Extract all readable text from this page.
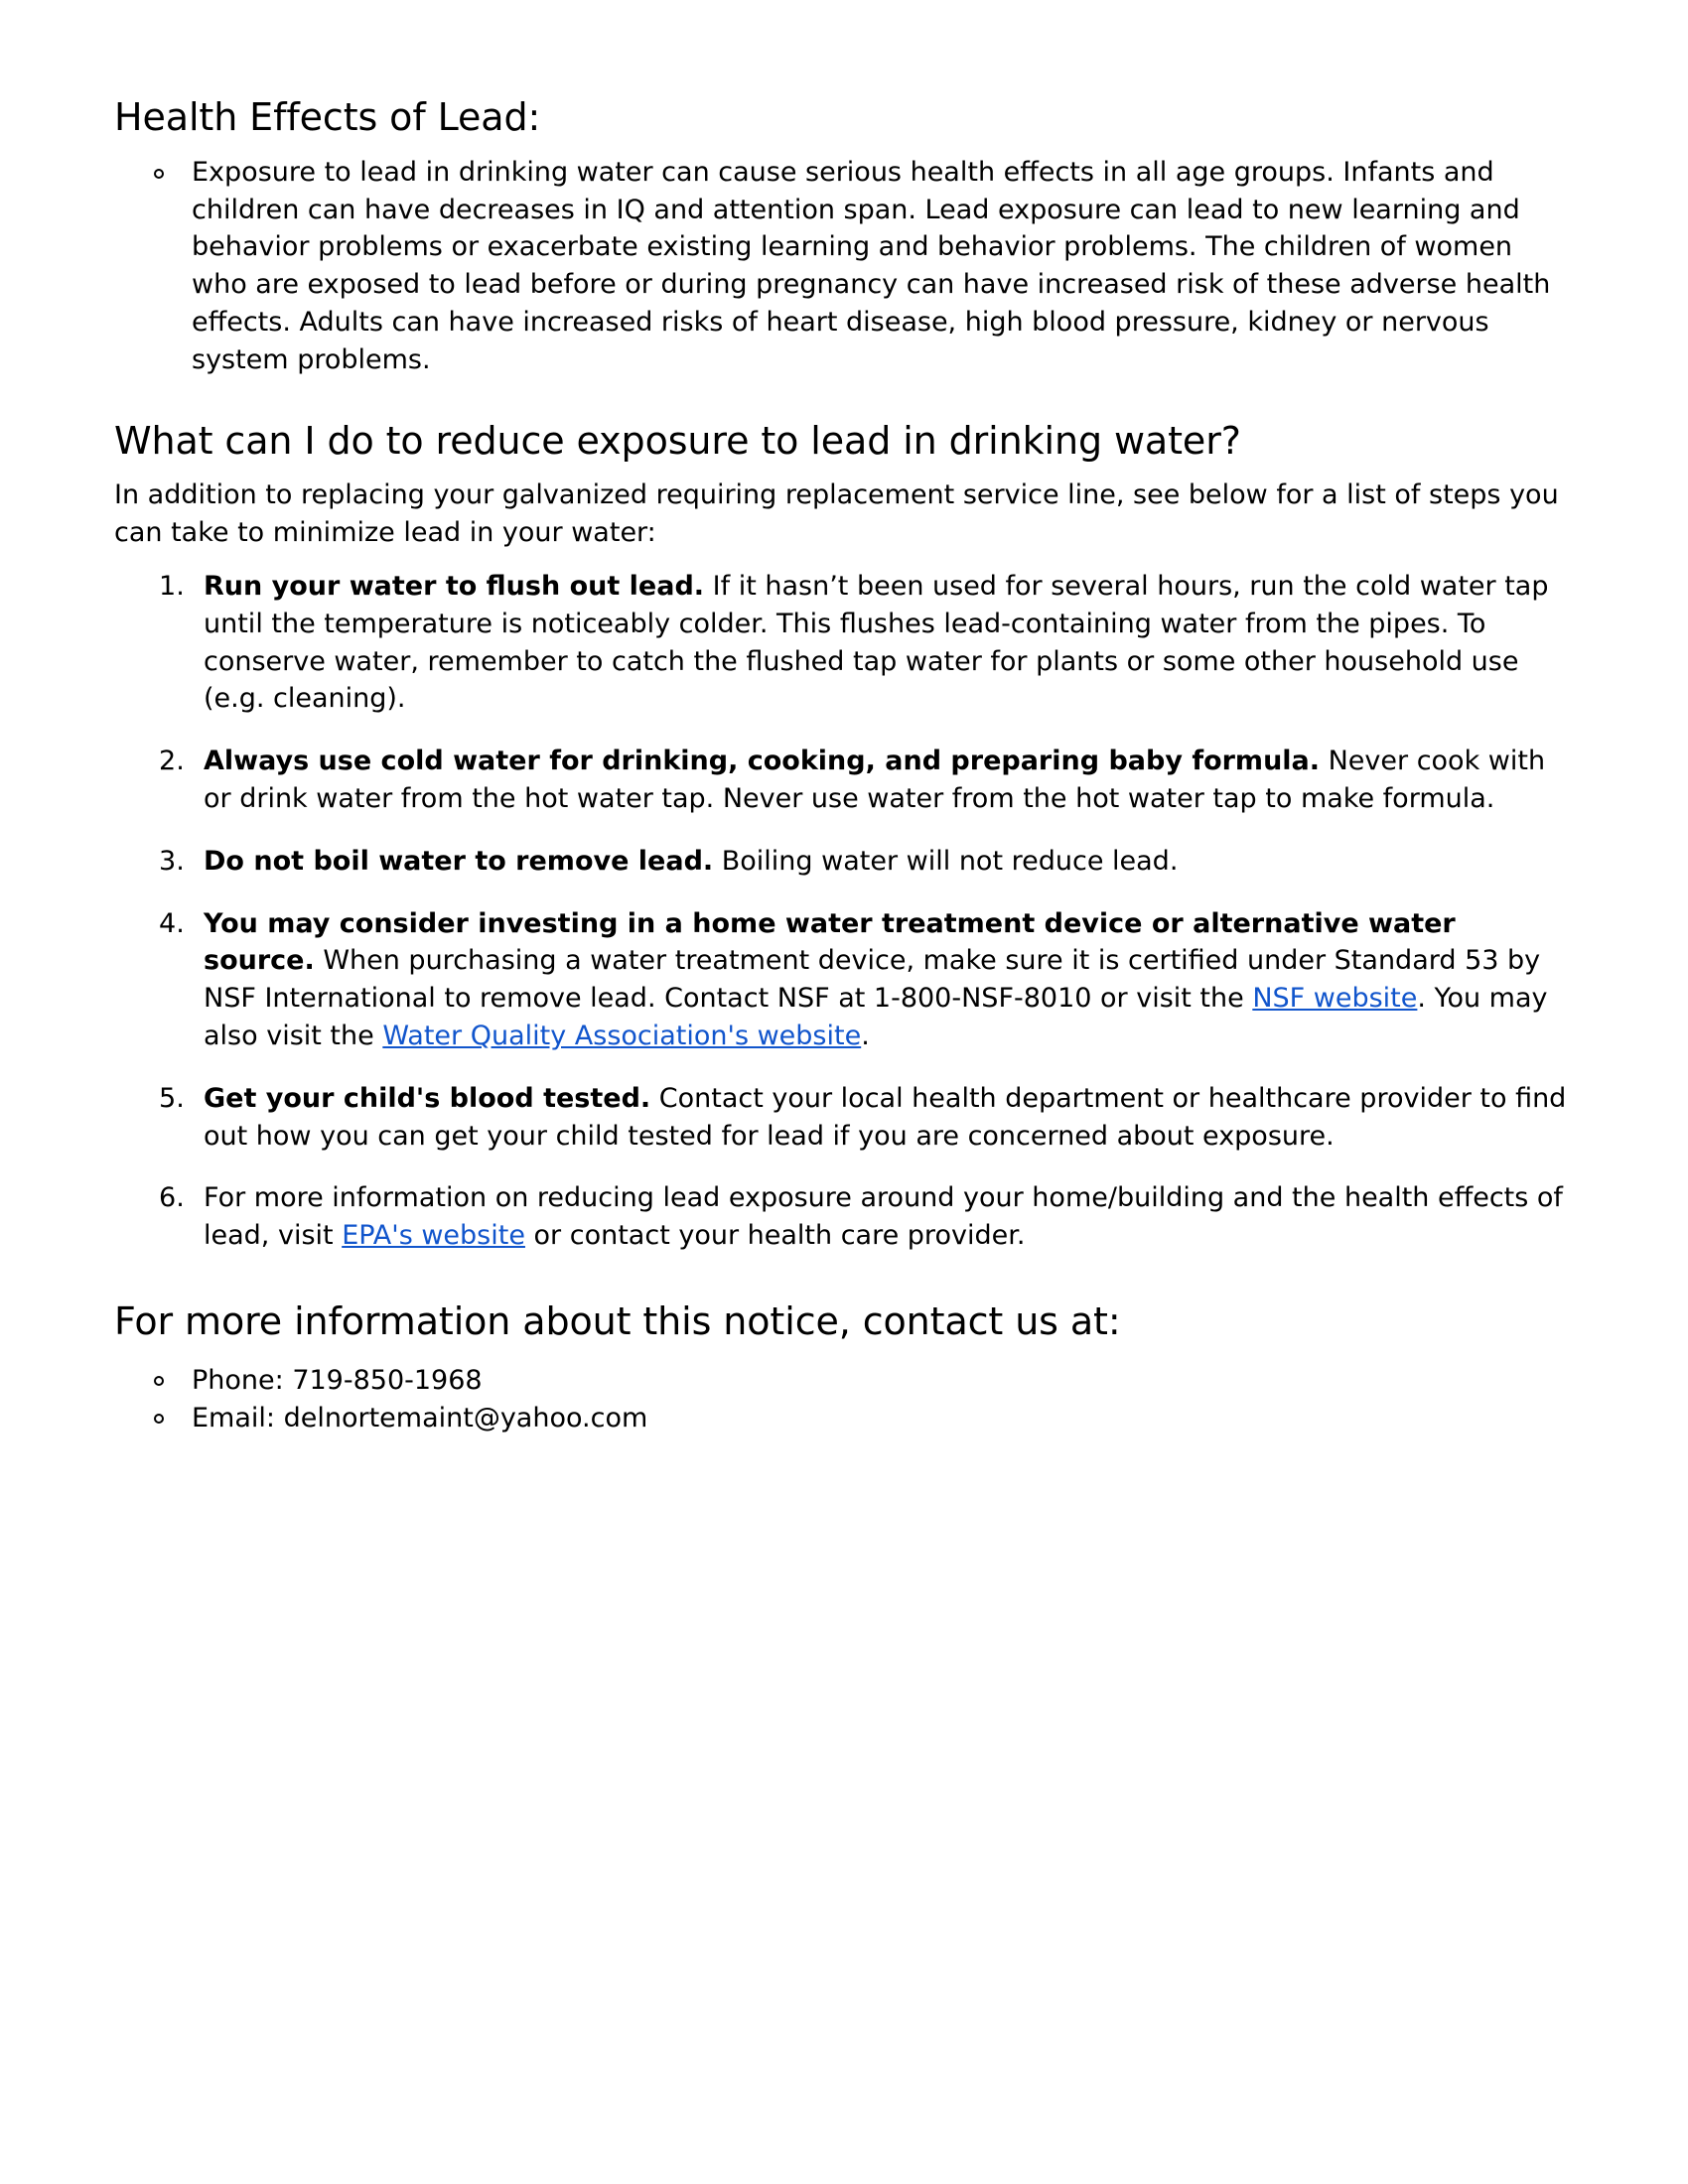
Health Effects of Lead:
Exposure to lead in drinking water can cause serious health effects in all age groups. Infants and children can have decreases in IQ and attention span. Lead exposure can lead to new learning and behavior problems or exacerbate existing learning and behavior problems. The children of women who are exposed to lead before or during pregnancy can have increased risk of these adverse health effects. Adults can have increased risks of heart disease, high blood pressure, kidney or nervous system problems.
What can I do to reduce exposure to lead in drinking water?

In addition to replacing your galvanized requiring replacement service line, see below for a list of steps you can take to minimize lead in your water:

Run your water to flush out lead. If it hasn’t been used for several hours, run the cold water tap until the temperature is noticeably colder. This flushes lead-containing water from the pipes. To conserve water, remember to catch the flushed tap water for plants or some other household use (e.g. cleaning).
Always use cold water for drinking, cooking, and preparing baby formula. Never cook with or drink water from the hot water tap. Never use water from the hot water tap to make formula.
Do not boil water to remove lead. Boiling water will not reduce lead.
You may consider investing in a home water treatment device or alternative water source. When purchasing a water treatment device, make sure it is certified under Standard 53 by NSF International to remove lead. Contact NSF at 1-800-NSF-8010 or visit the NSF website. You may also visit the Water Quality Association's website.
Get your child's blood tested. Contact your local health department or healthcare provider to find out how you can get your child tested for lead if you are concerned about exposure.
For more information on reducing lead exposure around your home/building and the health effects of lead, visit EPA's website or contact your health care provider.
For more information about this notice, contact us at:
Phone: 719-850-1968
Email: delnortemaint@yahoo.com
